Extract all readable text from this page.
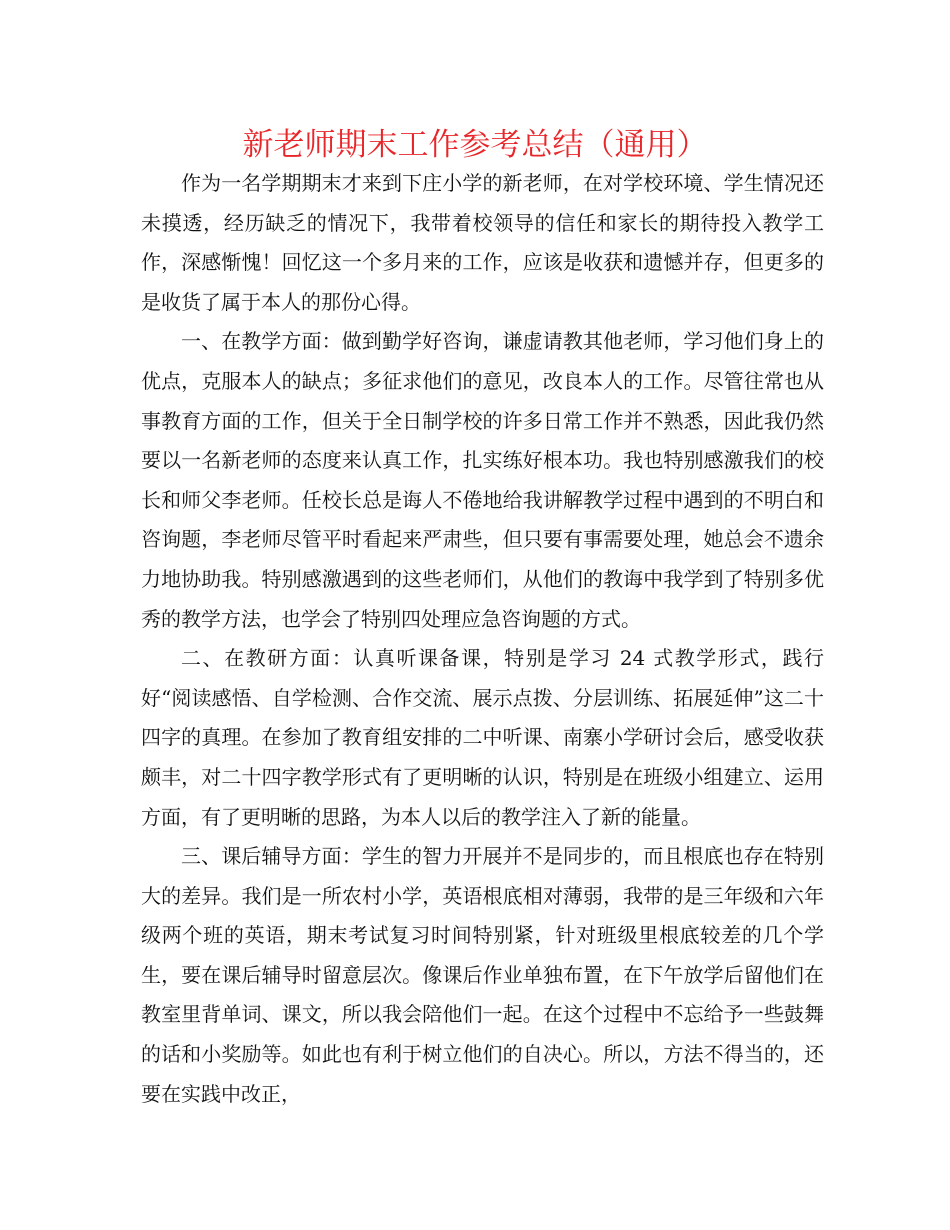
新老师期末工作参考总结（通用）

作为一名学期期末才来到下庄小学的新老师，在对学校环境、学生情况还未摸透，经历缺乏的情况下，我带着校领导的信任和家长的期待投入教学工作，深感惭愧！回忆这一个多月来的工作，应该是收获和遗憾并存，但更多的是收货了属于本人的那份心得。

一、在教学方面：做到勤学好咨询，谦虚请教其他老师，学习他们身上的优点，克服本人的缺点；多征求他们的意见，改良本人的工作。尽管往常也从事教育方面的工作，但关于全日制学校的许多日常工作并不熟悉，因此我仍然要以一名新老师的态度来认真工作，扎实练好根本功。我也特别感激我们的校长和师父李老师。任校长总是诲人不倦地给我讲解教学过程中遇到的不明白和咨询题，李老师尽管平时看起来严肃些，但只要有事需要处理，她总会不遗余力地协助我。特别感激遇到的这些老师们，从他们的教诲中我学到了特别多优秀的教学方法，也学会了特别四处理应急咨询题的方式。

二、在教研方面：认真听课备课，特别是学习 24 式教学形式，践行好“阅读感悟、自学检测、合作交流、展示点拨、分层训练、拓展延伸”这二十四字的真理。在参加了教育组安排的二中听课、南寨小学研讨会后，感受收获颇丰，对二十四字教学形式有了更明晰的认识，特别是在班级小组建立、运用方面，有了更明晰的思路，为本人以后的教学注入了新的能量。

三、课后辅导方面：学生的智力开展并不是同步的，而且根底也存在特别大的差异。我们是一所农村小学，英语根底相对薄弱，我带的是三年级和六年级两个班的英语，期末考试复习时间特别紧，针对班级里根底较差的几个学生，要在课后辅导时留意层次。像课后作业单独布置，在下午放学后留他们在教室里背单词、课文，所以我会陪他们一起。在这个过程中不忘给予一些鼓舞的话和小奖励等。如此也有利于树立他们的自决心。所以，方法不得当的，还要在实践中改正，
